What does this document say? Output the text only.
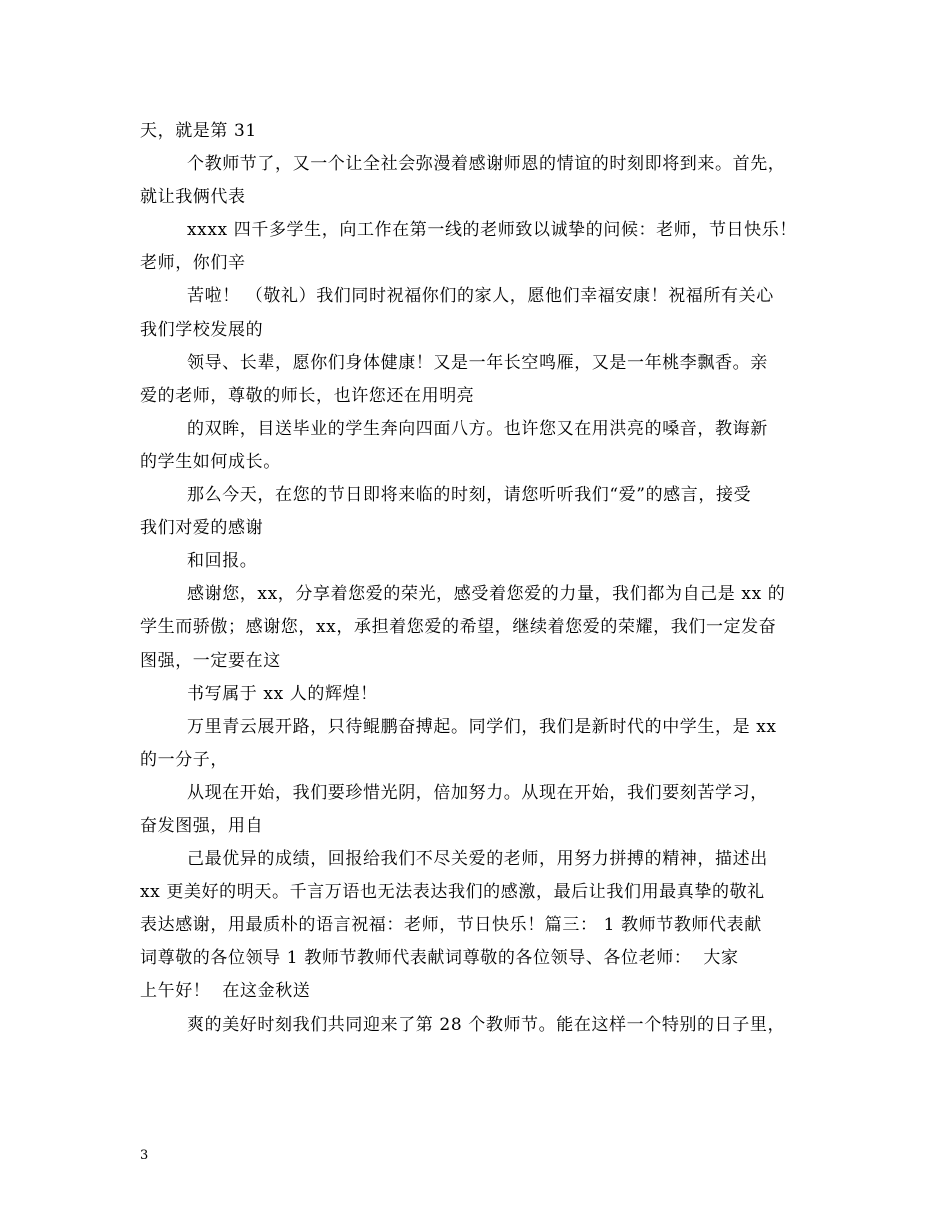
天，就是第 31
个教师节了，又一个让全社会弥漫着感谢师恩的情谊的时刻即将到来。首先，
就让我俩代表
xxxx 四千多学生，向工作在第一线的老师致以诚挚的问候：老师，节日快乐！
老师，你们辛
苦啦！ （敬礼）我们同时祝福你们的家人，愿他们幸福安康！祝福所有关心
我们学校发展的
领导、长辈，愿你们身体健康！又是一年长空鸣雁，又是一年桃李飘香。亲
爱的老师，尊敬的师长，也许您还在用明亮
的双眸，目送毕业的学生奔向四面八方。也许您又在用洪亮的嗓音，教诲新
的学生如何成长。
那么今天，在您的节日即将来临的时刻，请您听听我们“爱”的感言，接受
我们对爱的感谢
和回报。
感谢您，xx，分享着您爱的荣光，感受着您爱的力量，我们都为自己是 xx 的
学生而骄傲；感谢您，xx，承担着您爱的希望，继续着您爱的荣耀，我们一定发奋
图强，一定要在这
书写属于 xx 人的辉煌！
万里青云展开路，只待鲲鹏奋搏起。同学们，我们是新时代的中学生，是 xx
的一分子，
从现在开始，我们要珍惜光阴，倍加努力。从现在开始，我们要刻苦学习，
奋发图强，用自
己最优异的成绩，回报给我们不尽关爱的老师，用努力拼搏的精神，描述出
xx 更美好的明天。千言万语也无法表达我们的感激，最后让我们用最真挚的敬礼
表达感谢，用最质朴的语言祝福：老师，节日快乐！篇三： 1 教师节教师代表献
词尊敬的各位领导 1 教师节教师代表献词尊敬的各位领导、各位老师：  大家
上午好！  在这金秋送
爽的美好时刻我们共同迎来了第 28 个教师节。能在这样一个特别的日子里，
3
